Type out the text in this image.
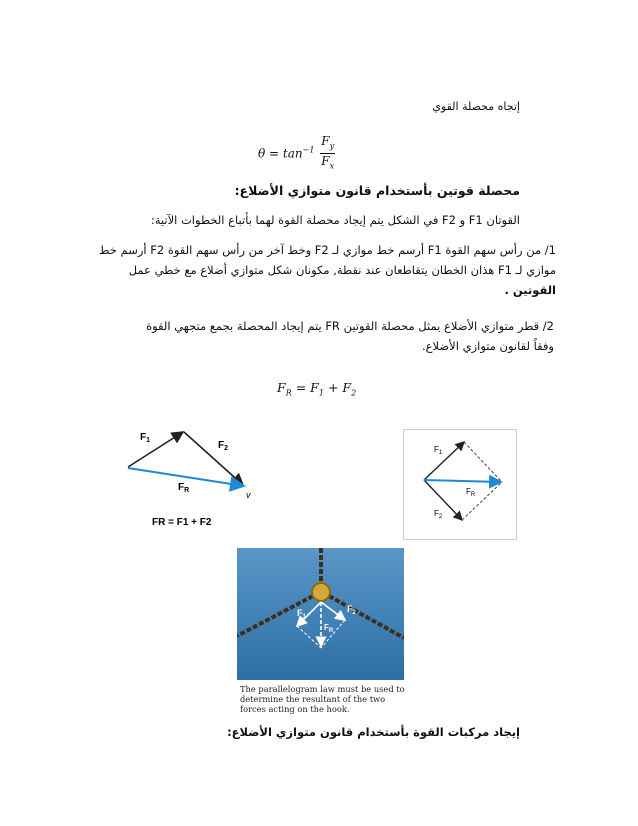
إتجاه محصلة القوي
$\theta = \tan^{-1} \frac{F_y}{F_x}$
محصلة قوتين بأستخدام قانون متوازي الأضلاع:
القوتان F1 و F2 في الشكل يتم إيجاد محصلة القوة لهما بأتباع الخطوات الآتية:
1/ من رأس سهم القوة F1 أرسم خط موازي لـ F2 وخط آخر من رأس سهم القوة F2 أرسم خط
موازي لـ F1 هذان الخطان يتقاطعان عند نقطة, مكونان شكل متوازي أضلاع مع خطي عمل
القوتين .
2/ قطر متوازي الأضلاع يمثل محصلة القوتين FR يتم إيجاد المحصلة بجمع متجهي القوة
وفقاً لقانون متوازي الأضلاع.
$F_R = F_1 + F_2$
$F_1$	$F_2$
$F_R$	v
FR = F1 + F2
$F_1$
$F_2$
$F_R$
$F_1$
$F_2$
$F_R$
The parallelogram law must be used to
determine the resultant of the two
forces acting on the hook.
إيجاد مركبات القوة بأستخدام قانون متوازي الأضلاع:
